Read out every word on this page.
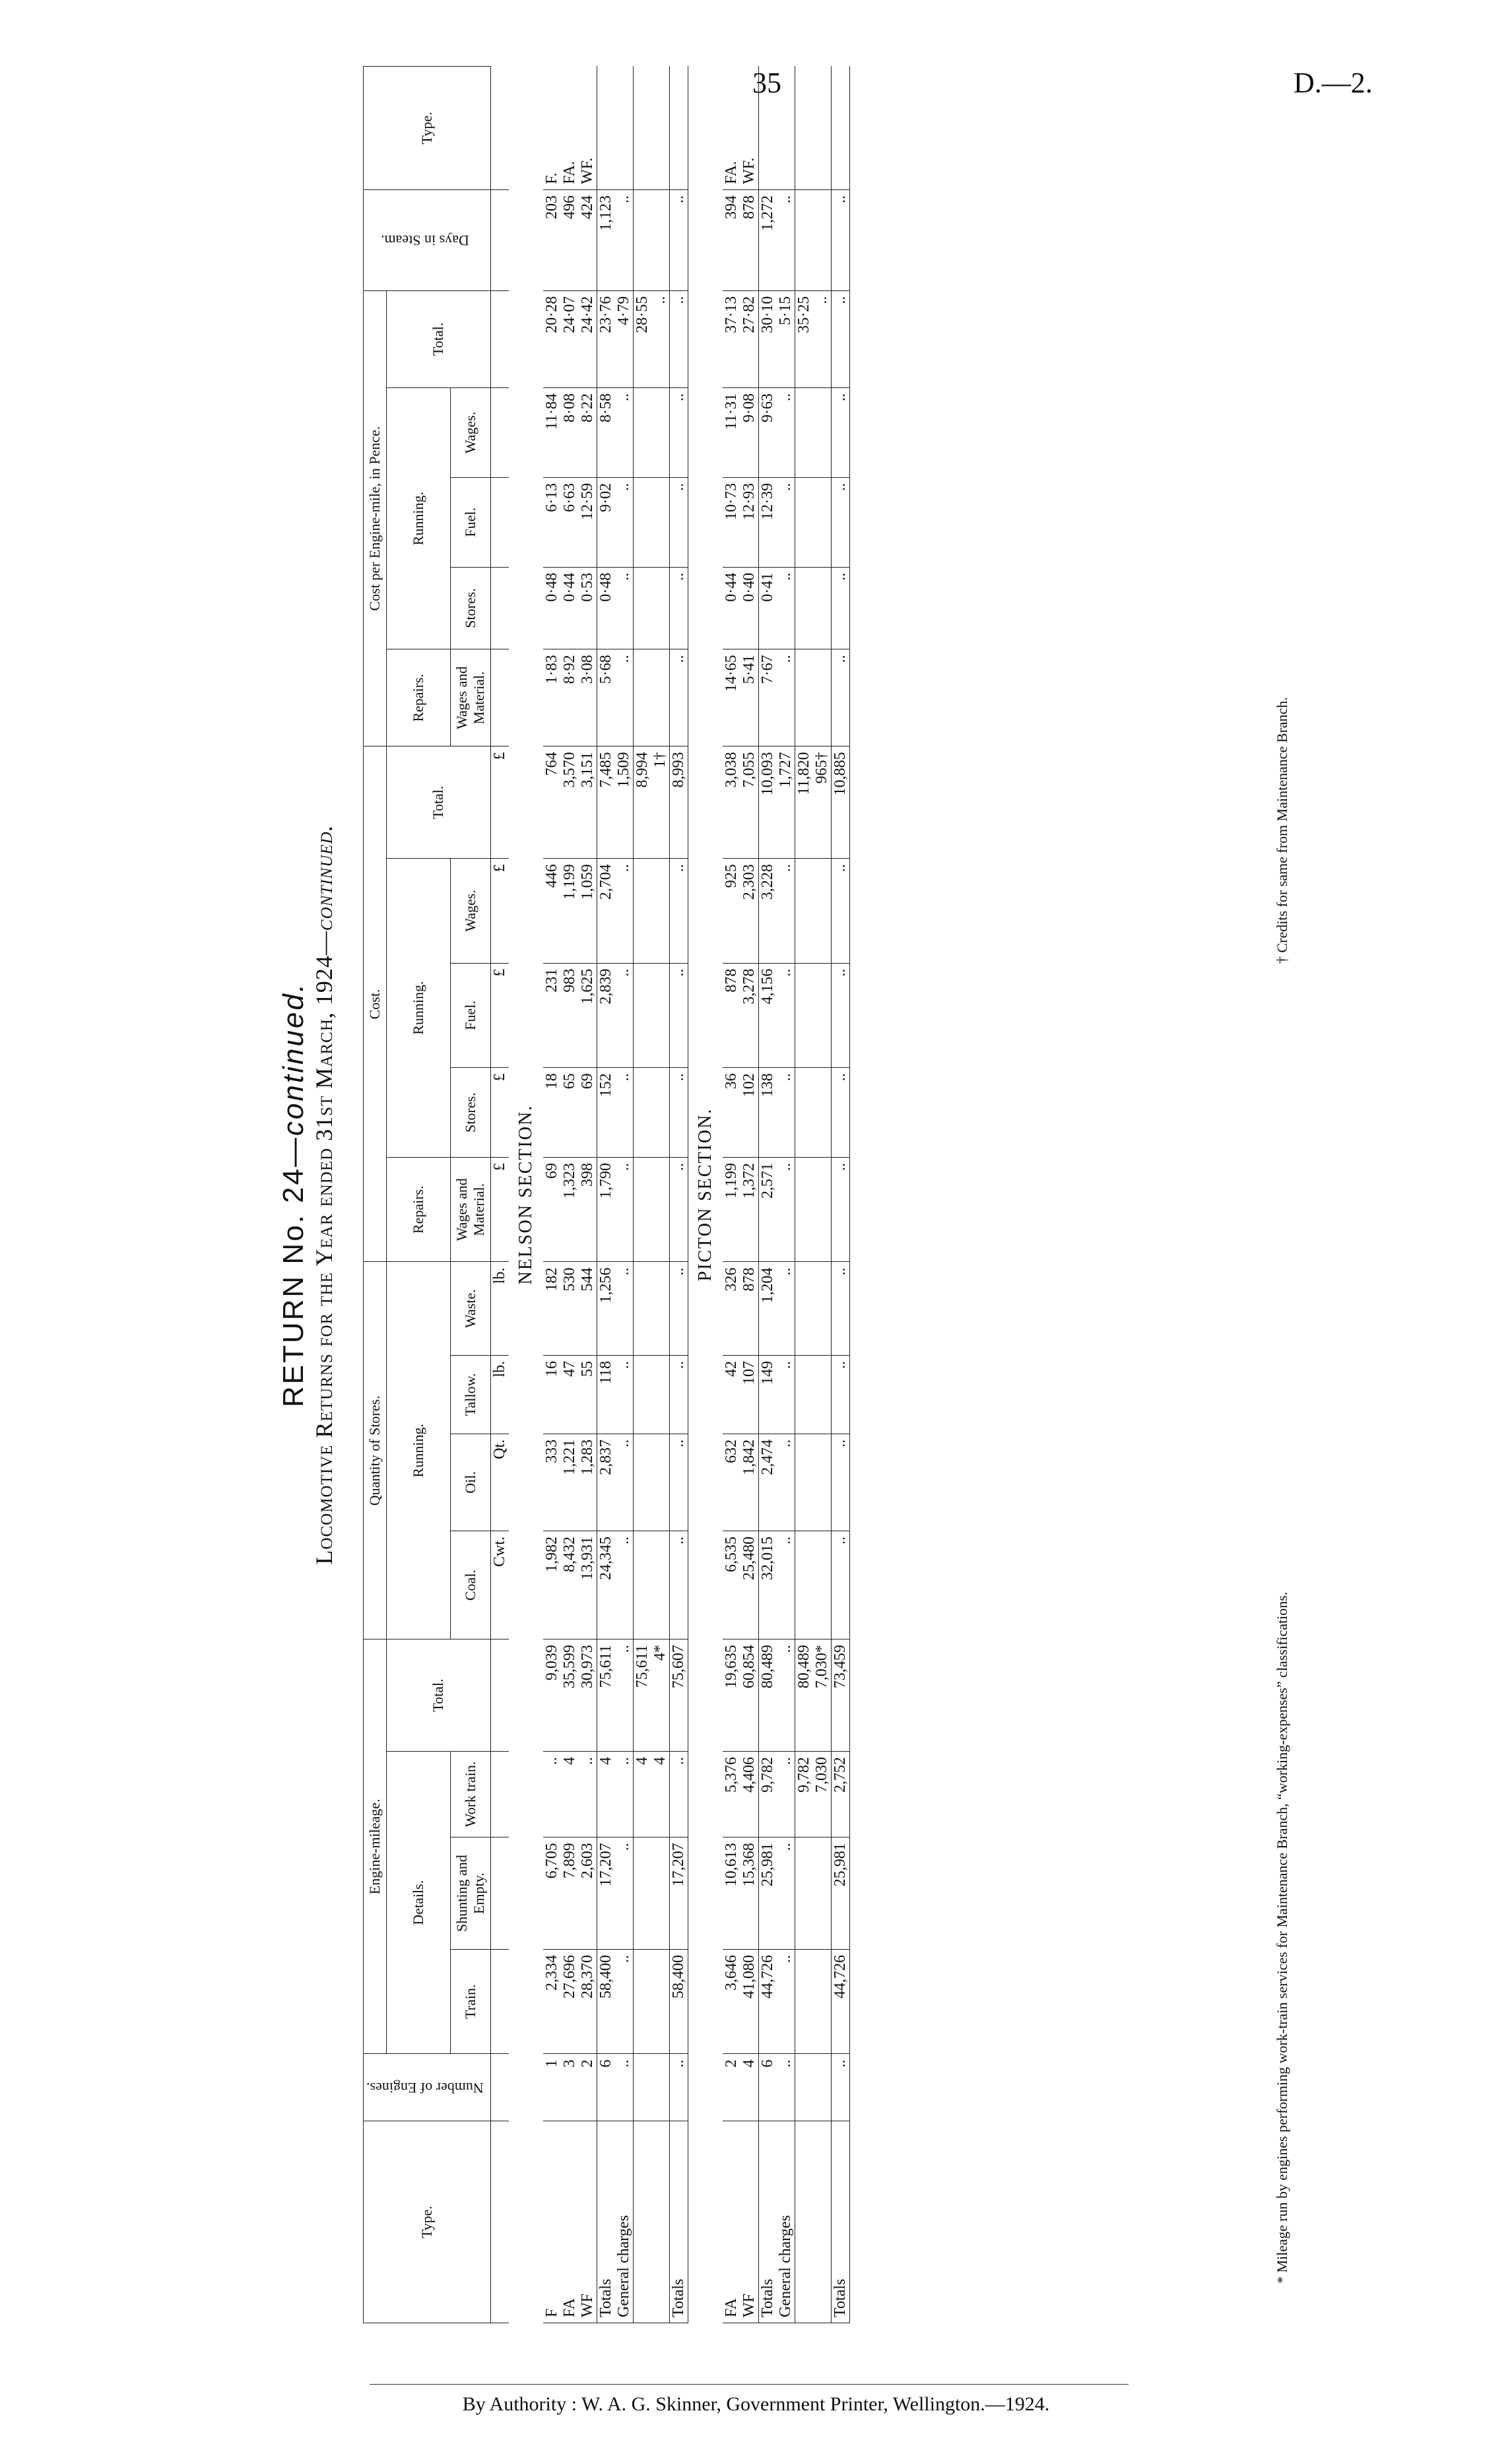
35	D.—2.
RETURN No. 24—continued. Locomotive Returns for the Year ended 31st March, 1924—continued.
Type.	Number of Engines.	Engine-mileage.				Quantity of Stores.				Cost.					Cost per Engine-mile, in Pence.					Days in Steam.	Type.
		Details.			Total.	Running.				Repairs.	Running.			Total.	Repairs.	Running.			Total.		
		Train.	Shunting and Empty.	Work train.		Coal.	Oil.	Tallow.	Waste.	Wages and Material.	Stores.	Fuel.	Wages.		Wages and Material.	Stores.	Fuel.	Wages.			
						Cwt.	Qt.	lb.	lb.	£	£	£	£	£							
NELSON SECTION.																					
F	1	2,334	6,705	..	9,039	1,982	333	16	182	69	18	231	446	764	1·83	0·48	6·13	11·84	20·28	203	F.
FA	3	27,696	7,899	4	35,599	8,432	1,221	47	530	1,323	65	983	1,199	3,570	8·92	0·44	6·63	8·08	24·07	496	FA.
WF	2	28,370	2,603	..	30,973	13,931	1,283	55	544	398	69	1,625	1,059	3,151	3·08	0·53	12·59	8·22	24·42	424	WF.
Totals	6	58,400	17,207	4	75,611	24,345	2,837	118	1,256	1,790	152	2,839	2,704	7,485	5·68	0·48	9·02	8·58	23·76	1,123	
General charges	..	..	..	..	..	..	..	..	..	..	..	..	..	1,509	..	..	..	..	4·79	..	
				4	75,611									8,994					28·55		
				4	4*									1†					..		
Totals	..	58,400	17,207	..	75,607	..	..	..	..	..	..	..	..	8,993	..	..	..	..	..	..	
PICTON SECTION.																					
FA	2	3,646	10,613	5,376	19,635	6,535	632	42	326	1,199	36	878	925	3,038	14·65	0·44	10·73	11·31	37·13	394	FA.
WF	4	41,080	15,368	4,406	60,854	25,480	1,842	107	878	1,372	102	3,278	2,303	7,055	5·41	0·40	12·93	9·08	27·82	878	WF.
Totals	6	44,726	25,981	9,782	80,489	32,015	2,474	149	1,204	2,571	138	4,156	3,228	10,093	7·67	0·41	12·39	9·63	30·10	1,272	
General charges	..	..	..	..	..	..	..	..	..	..	..	..	..	1,727	..	..	..	..	5·15	..	
				9,782	80,489									11,820					35·25		
				7,030	7,030*									965†					..		
Totals	..	44,726	25,981	2,752	73,459	..	..	..	..	..	..	..	..	10,885	..	..	..	..	..	..	
* Mileage run by engines performing work-train services for Maintenance Branch, “working-expenses” classifications.
† Credits for same from Maintenance Branch.
By Authority : W. A. G. Skinner, Government Printer, Wellington.—1924.
